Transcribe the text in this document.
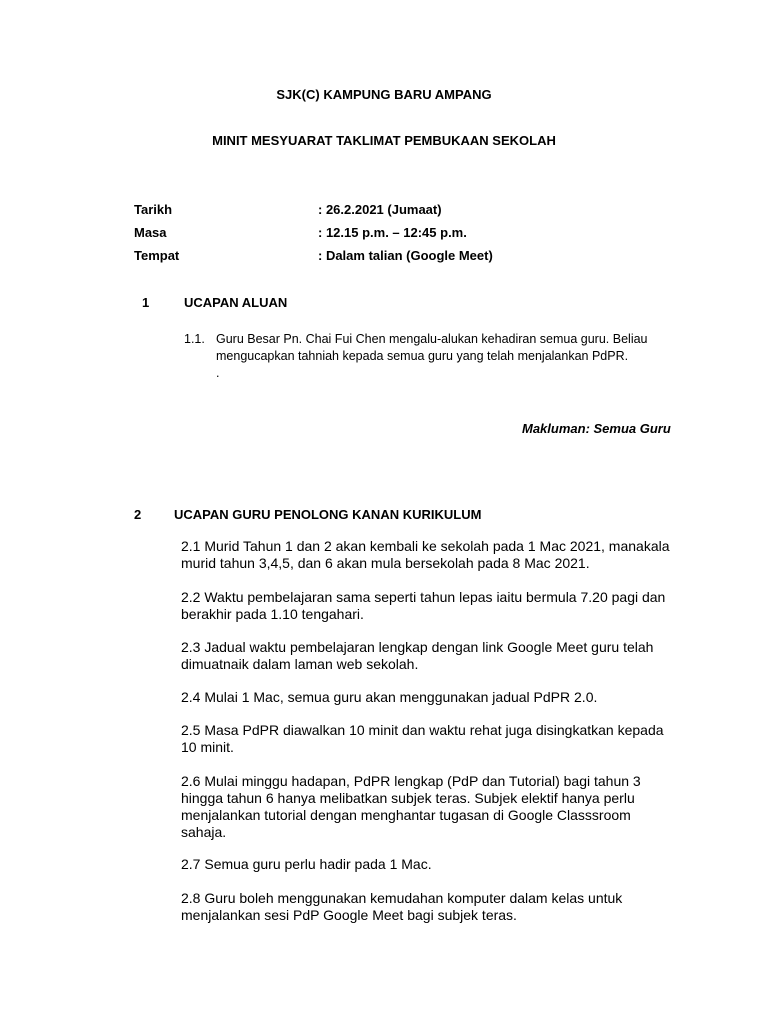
SJK(C) KAMPUNG BARU AMPANG
MINIT MESYUARAT TAKLIMAT PEMBUKAAN SEKOLAH
Tarikh	: 26.2.2021 (Jumaat)
Masa	: 12.15 p.m. – 12:45 p.m.
Tempat	: Dalam talian (Google Meet)
1	UCAPAN ALUAN
1.1. Guru Besar Pn. Chai Fui Chen mengalu-alukan kehadiran semua guru. Beliau
mengucapkan tahniah kepada semua guru yang telah menjalankan PdPR.
.
Makluman: Semua Guru
2	UCAPAN GURU PENOLONG KANAN KURIKULUM
2.1 Murid Tahun 1 dan 2 akan kembali ke sekolah pada 1 Mac 2021, manakala
murid tahun 3,4,5, dan 6 akan mula bersekolah pada 8 Mac 2021.
2.2 Waktu pembelajaran sama seperti tahun lepas iaitu bermula 7.20 pagi dan
berakhir pada 1.10 tengahari.
2.3 Jadual waktu pembelajaran lengkap dengan link Google Meet guru telah
dimuatnaik dalam laman web sekolah.
2.4 Mulai 1 Mac, semua guru akan menggunakan jadual PdPR 2.0.
2.5 Masa PdPR diawalkan 10 minit dan waktu rehat juga disingkatkan kepada
10 minit.
2.6 Mulai minggu hadapan, PdPR lengkap (PdP dan Tutorial) bagi tahun 3
hingga tahun 6 hanya melibatkan subjek teras. Subjek elektif hanya perlu
menjalankan tutorial dengan menghantar tugasan di Google Classsroom
sahaja.
2.7 Semua guru perlu hadir pada 1 Mac.
2.8 Guru boleh menggunakan kemudahan komputer dalam kelas untuk
menjalankan sesi PdP Google Meet bagi subjek teras.
